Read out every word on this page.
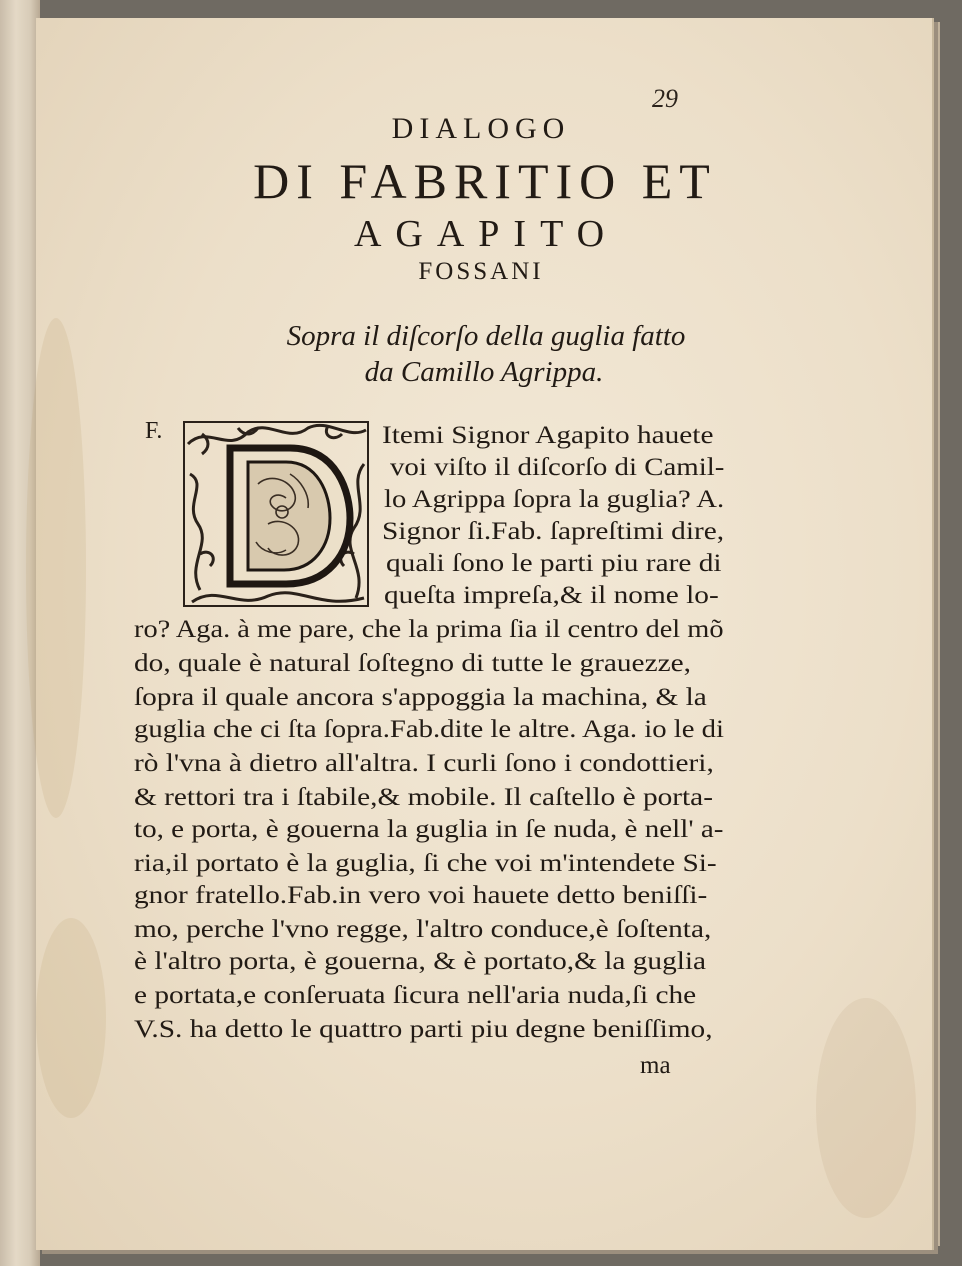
29
DIALOGO
DI FABRITIO ET
AGAPITO
FOSSANI
Sopra il diſcorſo della guglia fatto
da Camillo Agrippa.
F.	Itemi Signor Agapito hauete
voi viſto il diſcorſo di Camil-
lo Agrippa ſopra la guglia? A.
Signor ſi.Fab. ſapreſtimi dire,
quali ſono le parti piu rare di
queſta impreſa,& il nome lo-
ro? Aga. à me pare, che la prima ſia il centro del mõ
do, quale è natural ſoſtegno di tutte le grauezze,
ſopra il quale ancora s'appoggia la machina, & la
guglia che ci ſta ſopra.Fab.dite le altre. Aga. io le di
rò l'vna à dietro all'altra. I curli ſono i condottieri,
& rettori tra i ſtabile,& mobile. Il caſtello è porta-
to, e porta, è gouerna la guglia in ſe nuda, è nell' a-
ria,il portato è la guglia, ſi che voi m'intendete Si-
gnor fratello.Fab.in vero voi hauete detto beniſſi-
mo, perche l'vno regge, l'altro conduce,è ſoſtenta,
è l'altro porta, è gouerna, & è portato,& la guglia
e portata,e conſeruata ſicura nell'aria nuda,ſi che
V.S. ha detto le quattro parti piu degne beniſſimo,
ma
